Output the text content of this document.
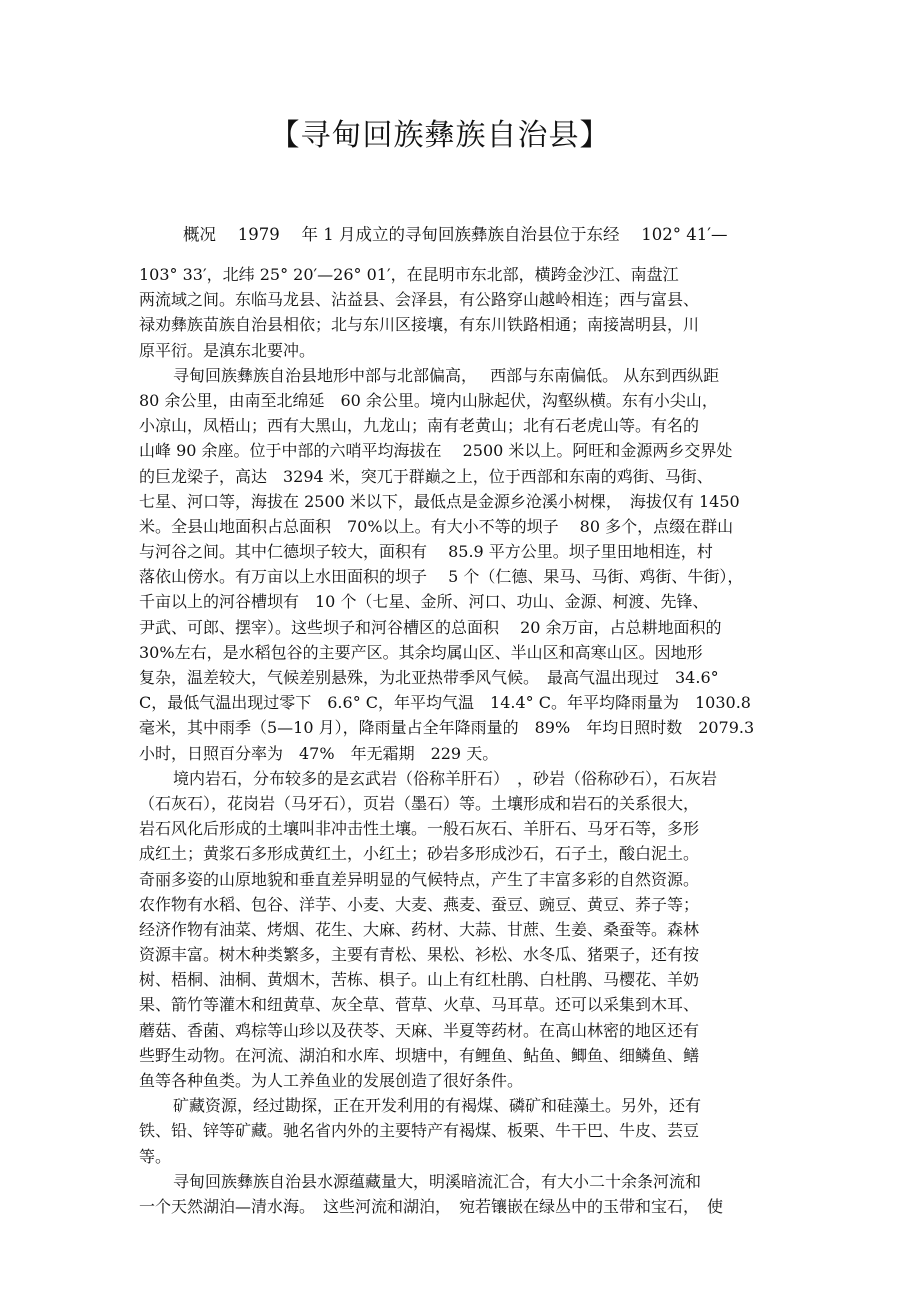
【寻甸回族彝族自治县】
概况　 1979　 年 1 月成立的寻甸回族彝族自治县位于东经　 102° 41′—
103° 33′，北纬 25° 20′—26° 01′，在昆明市东北部，横跨金沙江、南盘江
两流域之间。东临马龙县、沾益县、会泽县，有公路穿山越岭相连；西与富县、
禄劝彝族苗族自治县相依；北与东川区接壤，有东川铁路相通；南接嵩明县，川
原平衍。是滇东北要冲。
寻甸回族彝族自治县地形中部与北部偏高，　 西部与东南偏低。 从东到西纵距
80 余公里，由南至北绵延　60 余公里。境内山脉起伏，沟壑纵横。东有小尖山，
小凉山，凤梧山；西有大黑山，九龙山；南有老黄山；北有石老虎山等。有名的
山峰 90 余座。位于中部的六哨平均海拔在　 2500 米以上。阿旺和金源两乡交界处
的巨龙梁子，高达　3294 米，突兀于群巅之上，位于西部和东南的鸡街、马街、
七星、河口等，海拔在 2500 米以下，最低点是金源乡沧溪小树棵，　海拔仅有 1450
米。全县山地面积占总面积　70%以上。有大小不等的坝子　 80 多个，点缀在群山
与河谷之间。其中仁德坝子较大，面积有　 85.9 平方公里。坝子里田地相连，村
落依山傍水。有万亩以上水田面积的坝子　 5 个（仁德、果马、马街、鸡街、牛街），
千亩以上的河谷槽坝有　10 个（七星、金所、河口、功山、金源、柯渡、先锋、
尹武、可郎、摆宰）。这些坝子和河谷槽区的总面积　 20 余万亩，占总耕地面积的
30%左右，是水稻包谷的主要产区。其余均属山区、半山区和高寒山区。因地形
复杂，温差较大，气候差别悬殊，为北亚热带季风气候。　最高气温出现过　34.6°
C，最低气温出现过零下　6.6° C，年平均气温　14.4° C。年平均降雨量为　1030.8
毫米，其中雨季（5—10 月），降雨量占全年降雨量的　89%　年均日照时数　2079.3
小时，日照百分率为　47%　年无霜期　229 天。
境内岩石，分布较多的是玄武岩（俗称羊肝石）　，砂岩（俗称砂石），石灰岩
（石灰石），花岗岩（马牙石），页岩（墨石）等。土壤形成和岩石的关系很大，
岩石风化后形成的土壤叫非冲击性土壤。一般石灰石、羊肝石、马牙石等，多形
成红土；黄浆石多形成黄红土，小红土；砂岩多形成沙石，石子土，酸白泥土。
奇丽多姿的山原地貌和垂直差异明显的气候特点，产生了丰富多彩的自然资源。
农作物有水稻、包谷、洋芋、小麦、大麦、燕麦、蚕豆、豌豆、黄豆、荞子等；
经济作物有油菜、烤烟、花生、大麻、药材、大蒜、甘蔗、生姜、桑蚕等。森林
资源丰富。树木种类繁多，主要有青松、果松、衫松、水冬瓜、猪栗子，还有按
树、梧桐、油桐、黄烟木，苦栋、椇子。山上有红杜鹃、白杜鹃、马樱花、羊奶
果、箭竹等灌木和纽黄草、灰全草、菅草、火草、马耳草。还可以采集到木耳、
蘑菇、香菌、鸡棕等山珍以及茯苓、天麻、半夏等药材。在高山林密的地区还有
些野生动物。在河流、湖泊和水库、坝塘中，有鲤鱼、鲇鱼、鲫鱼、细鳞鱼、鳝
鱼等各种鱼类。为人工养鱼业的发展创造了很好条件。
矿藏资源，经过勘探，正在开发利用的有褐煤、磷矿和硅藻土。另外，还有
铁、铅、锌等矿藏。驰名省内外的主要特产有褐煤、板栗、牛干巴、牛皮、芸豆
等。
寻甸回族彝族自治县水源蕴藏量大，明溪暗流汇合，有大小二十余条河流和
一个天然湖泊—清水海。　这些河流和湖泊，　宛若镶嵌在绿丛中的玉带和宝石，　使
